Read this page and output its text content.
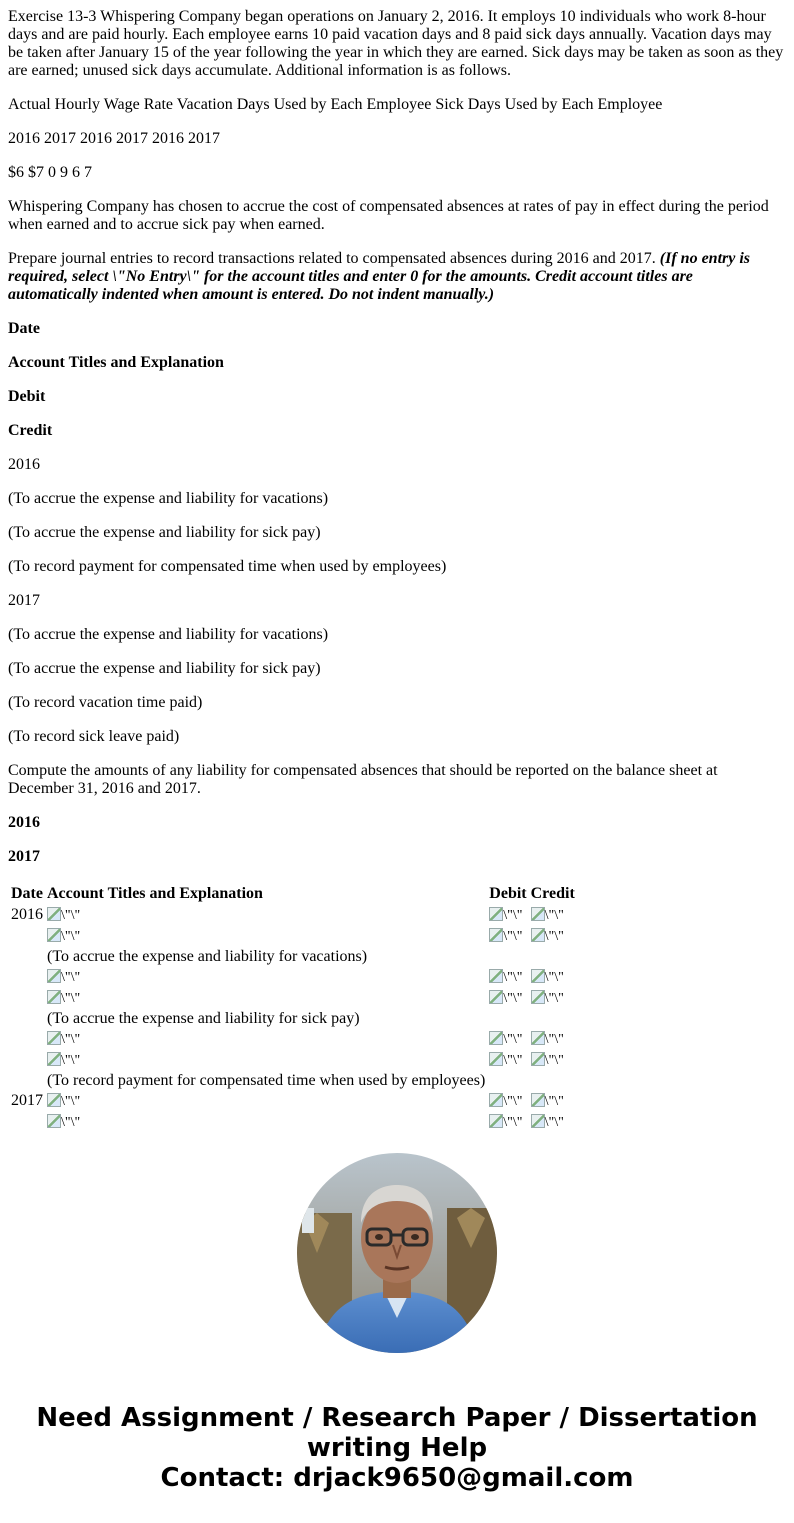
Exercise 13-3 Whispering Company began operations on January 2, 2016. It employs 10 individuals who work 8-hour days and are paid hourly. Each employee earns 10 paid vacation days and 8 paid sick days annually. Vacation days may be taken after January 15 of the year following the year in which they are earned. Sick days may be taken as soon as they are earned; unused sick days accumulate. Additional information is as follows.

Actual Hourly Wage Rate Vacation Days Used by Each Employee Sick Days Used by Each Employee

2016 2017 2016 2017 2016 2017

$6 $7 0 9 6 7

Whispering Company has chosen to accrue the cost of compensated absences at rates of pay in effect during the period when earned and to accrue sick pay when earned.

Prepare journal entries to record transactions related to compensated absences during 2016 and 2017. (If no entry is required, select \"No Entry\" for the account titles and enter 0 for the amounts. Credit account titles are automatically indented when amount is entered. Do not indent manually.)

Date

Account Titles and Explanation

Debit

Credit

2016

(To accrue the expense and liability for vacations)

(To accrue the expense and liability for sick pay)

(To record payment for compensated time when used by employees)

2017

(To accrue the expense and liability for vacations)

(To accrue the expense and liability for sick pay)

(To record vacation time paid)

(To record sick leave paid)

Compute the amounts of any liability for compensated absences that should be reported on the balance sheet at December 31, 2016 and 2017.

2016

2017

Date	Account Titles and Explanation	Debit	Credit
2016	\"\"	\"\"	\"\"
	\"\"	\"\"	\"\"
	(To accrue the expense and liability for vacations)		
	\"\"	\"\"	\"\"
	\"\"	\"\"	\"\"
	(To accrue the expense and liability for sick pay)		
	\"\"	\"\"	\"\"
	\"\"	\"\"	\"\"
	(To record payment for compensated time when used by employees)		
2017	\"\"	\"\"	\"\"
	\"\"	\"\"	\"\"
Need Assignment / Research Paper / Dissertation
writing Help
Contact: drjack9650@gmail.com
